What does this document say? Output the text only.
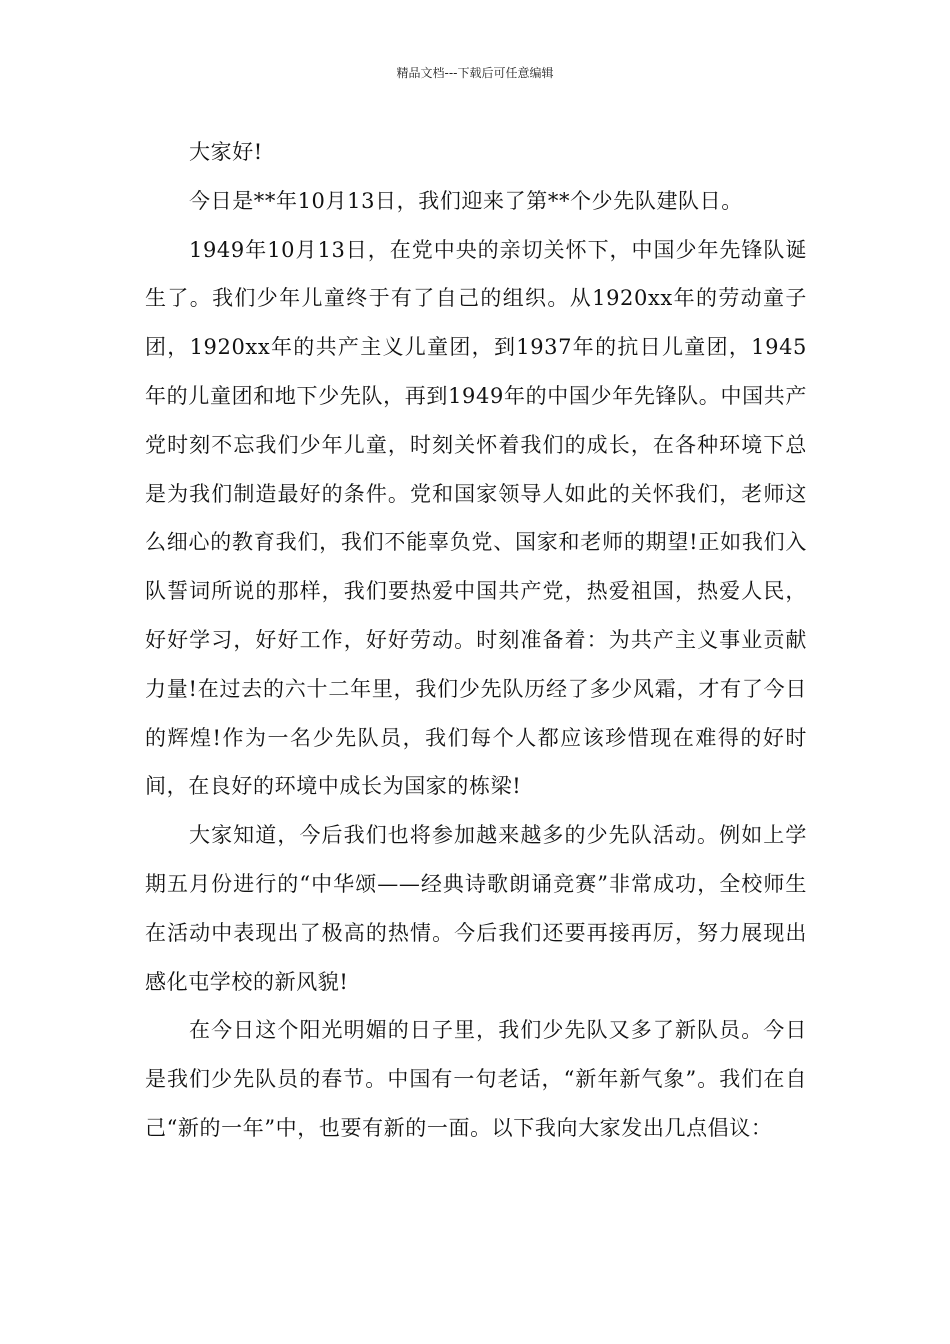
精品文档---下载后可任意编辑

大家好!

今日是**年10月13日，我们迎来了第**个少先队建队日。

1949年10月13日，在党中央的亲切关怀下，中国少年先锋队诞生了。我们少年儿童终于有了自己的组织。从1920xx年的劳动童子团，1920xx年的共产主义儿童团，到1937年的抗日儿童团，1945年的儿童团和地下少先队，再到1949年的中国少年先锋队。中国共产党时刻不忘我们少年儿童，时刻关怀着我们的成长，在各种环境下总是为我们制造最好的条件。党和国家领导人如此的关怀我们，老师这么细心的教育我们，我们不能辜负党、国家和老师的期望!正如我们入队誓词所说的那样，我们要热爱中国共产党，热爱祖国，热爱人民，好好学习，好好工作，好好劳动。时刻准备着：为共产主义事业贡献力量!在过去的六十二年里，我们少先队历经了多少风霜，才有了今日的辉煌!作为一名少先队员，我们每个人都应该珍惜现在难得的好时间，在良好的环境中成长为国家的栋梁!

大家知道，今后我们也将参加越来越多的少先队活动。例如上学期五月份进行的“中华颂——经典诗歌朗诵竞赛”非常成功，全校师生在活动中表现出了极高的热情。今后我们还要再接再厉，努力展现出感化屯学校的新风貌!

在今日这个阳光明媚的日子里，我们少先队又多了新队员。今日是我们少先队员的春节。中国有一句老话，“新年新气象”。我们在自己“新的一年”中，也要有新的一面。以下我向大家发出几点倡议：
